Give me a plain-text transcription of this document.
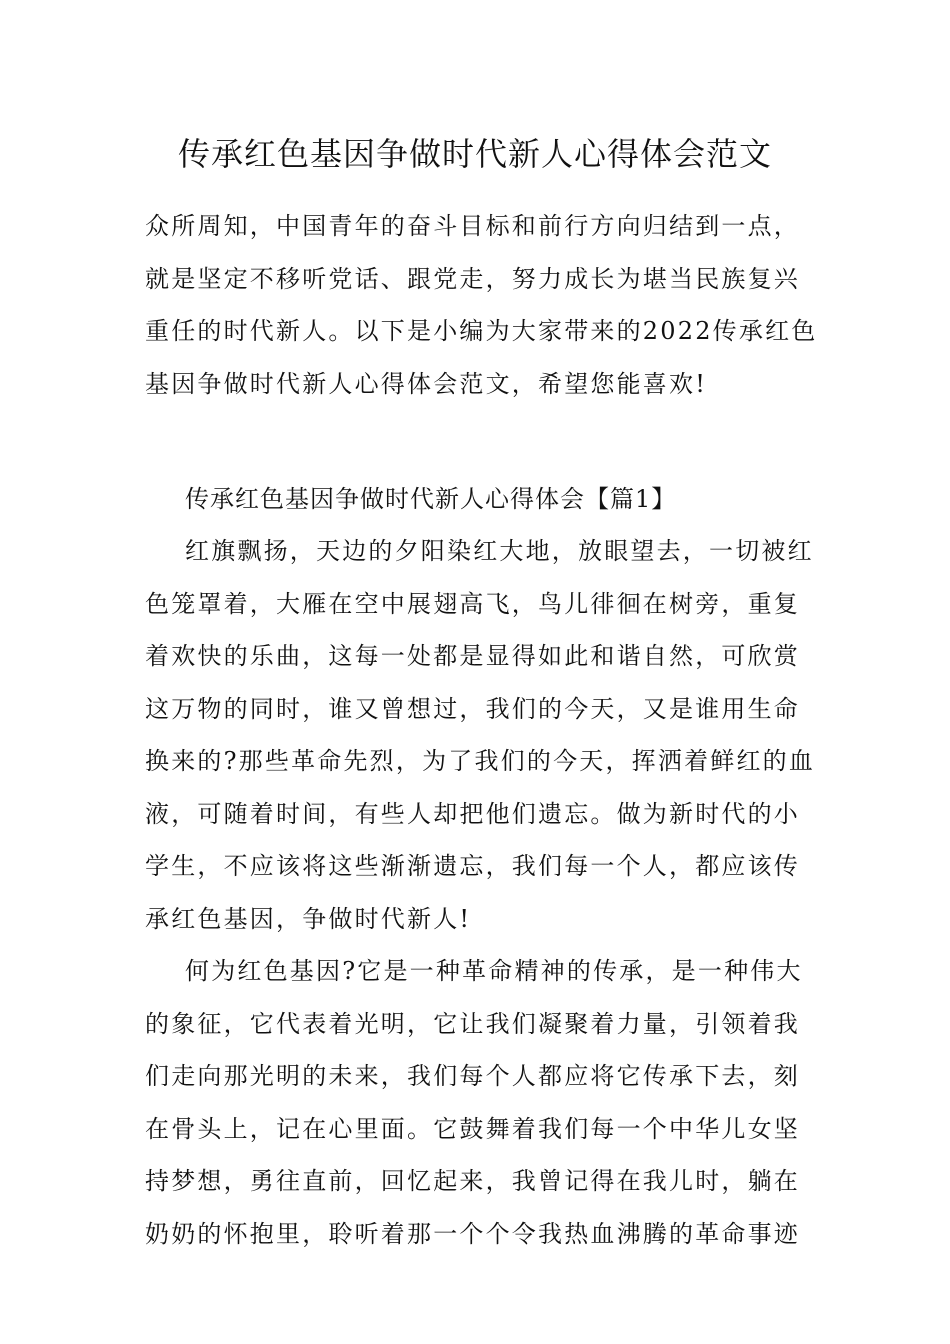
传承红色基因争做时代新人心得体会范文
众所周知，中国青年的奋斗目标和前行方向归结到一点，
就是坚定不移听党话、跟党走，努力成长为堪当民族复兴
重任的时代新人。以下是小编为大家带来的2022传承红色
基因争做时代新人心得体会范文，希望您能喜欢!
传承红色基因争做时代新人心得体会【篇1】
红旗飘扬，天边的夕阳染红大地，放眼望去，一切被红
色笼罩着，大雁在空中展翅高飞，鸟儿徘徊在树旁，重复
着欢快的乐曲，这每一处都是显得如此和谐自然，可欣赏
这万物的同时，谁又曾想过，我们的今天，又是谁用生命
换来的?那些革命先烈，为了我们的今天，挥洒着鲜红的血
液，可随着时间，有些人却把他们遗忘。做为新时代的小
学生，不应该将这些渐渐遗忘，我们每一个人，都应该传
承红色基因，争做时代新人!
何为红色基因?它是一种革命精神的传承，是一种伟大
的象征，它代表着光明，它让我们凝聚着力量，引领着我
们走向那光明的未来，我们每个人都应将它传承下去，刻
在骨头上，记在心里面。它鼓舞着我们每一个中华儿女坚
持梦想，勇往直前，回忆起来，我曾记得在我儿时，躺在
奶奶的怀抱里，聆听着那一个个令我热血沸腾的革命事迹
